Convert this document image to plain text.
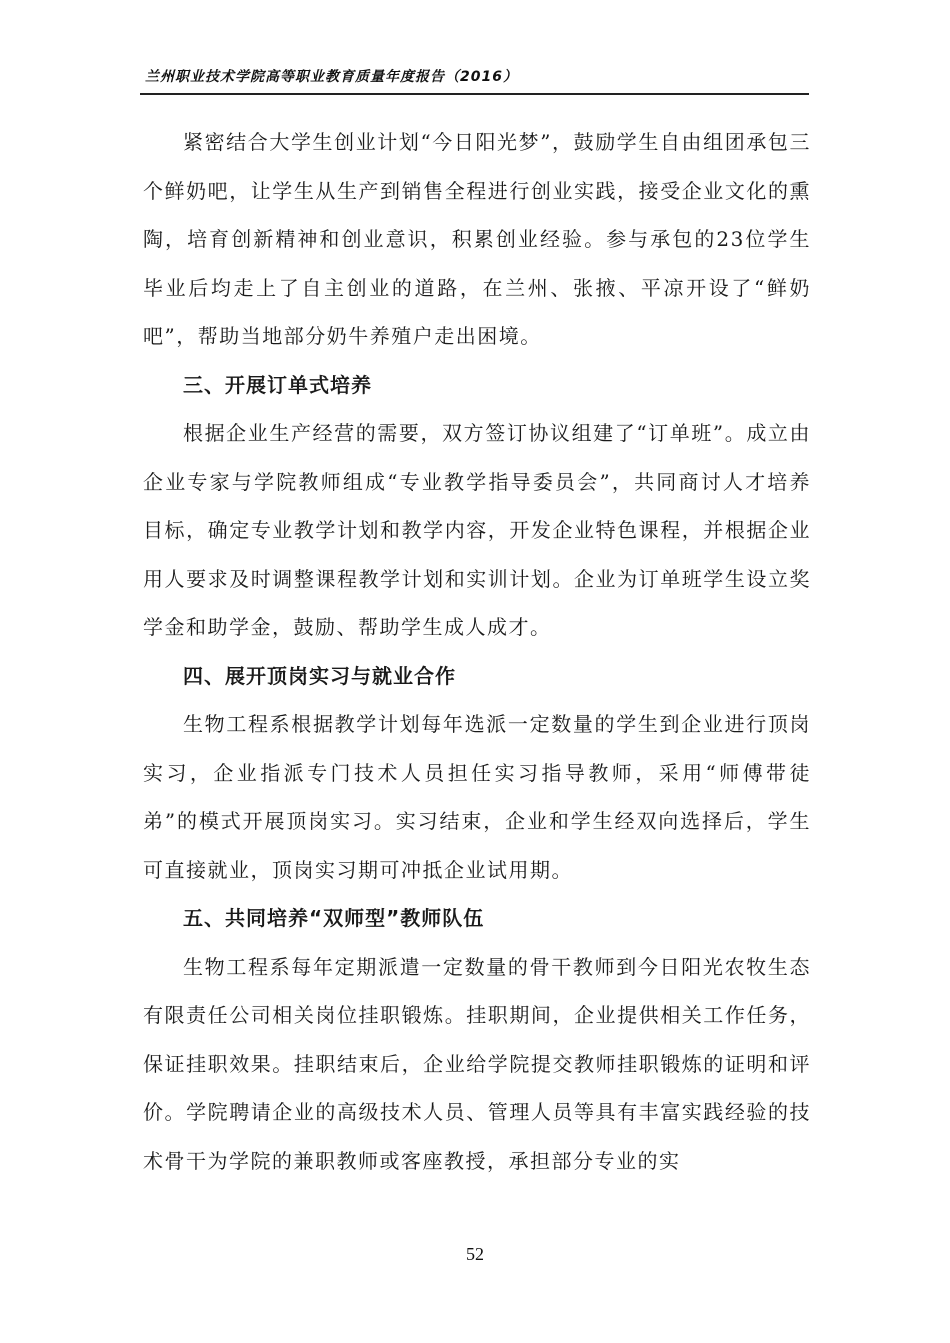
兰州职业技术学院高等职业教育质量年度报告（2016）

紧密结合大学生创业计划“今日阳光梦”，鼓励学生自由组团承包三个鲜奶吧，让学生从生产到销售全程进行创业实践，接受企业文化的熏陶，培育创新精神和创业意识，积累创业经验。参与承包的23位学生毕业后均走上了自主创业的道路，在兰州、张掖、平凉开设了“鲜奶吧”，帮助当地部分奶牛养殖户走出困境。

三、开展订单式培养

根据企业生产经营的需要，双方签订协议组建了“订单班”。成立由企业专家与学院教师组成“专业教学指导委员会”，共同商讨人才培养目标，确定专业教学计划和教学内容，开发企业特色课程，并根据企业用人要求及时调整课程教学计划和实训计划。企业为订单班学生设立奖学金和助学金，鼓励、帮助学生成人成才。

四、展开顶岗实习与就业合作

生物工程系根据教学计划每年选派一定数量的学生到企业进行顶岗实习，企业指派专门技术人员担任实习指导教师，采用“师傅带徒弟”的模式开展顶岗实习。实习结束，企业和学生经双向选择后，学生可直接就业，顶岗实习期可冲抵企业试用期。

五、共同培养“双师型”教师队伍

生物工程系每年定期派遣一定数量的骨干教师到今日阳光农牧生态有限责任公司相关岗位挂职锻炼。挂职期间，企业提供相关工作任务，保证挂职效果。挂职结束后，企业给学院提交教师挂职锻炼的证明和评价。学院聘请企业的高级技术人员、管理人员等具有丰富实践经验的技术骨干为学院的兼职教师或客座教授，承担部分专业的实

52
